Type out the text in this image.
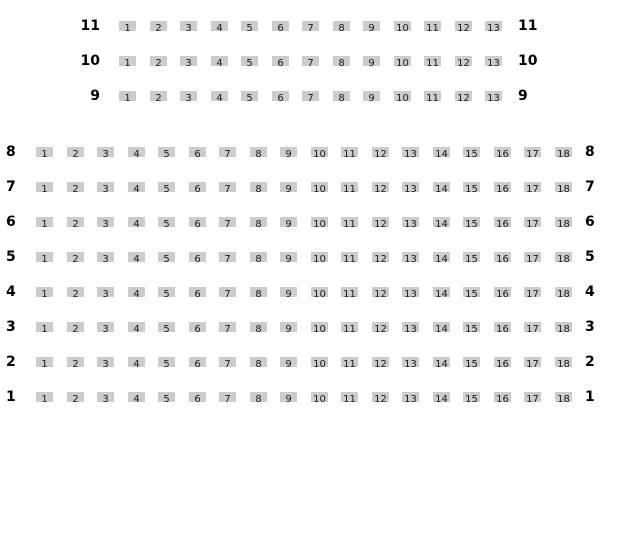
11	11
1 2 3 4 5 6 7 8 9 10 11 12 13
10	10
1 2 3 4 5 6 7 8 9 10 11 12 13
9	9
1 2 3 4 5 6 7 8 9 10 11 12 13
8	8
1 2 3 4 5 6 7 8 9 10 11 12 13 14 15 16 17 18
7	7
1 2 3 4 5 6 7 8 9 10 11 12 13 14 15 16 17 18
6	6
1 2 3 4 5 6 7 8 9 10 11 12 13 14 15 16 17 18
5	5
1 2 3 4 5 6 7 8 9 10 11 12 13 14 15 16 17 18
4	4
1 2 3 4 5 6 7 8 9 10 11 12 13 14 15 16 17 18
3	3
1 2 3 4 5 6 7 8 9 10 11 12 13 14 15 16 17 18
2	2
1 2 3 4 5 6 7 8 9 10 11 12 13 14 15 16 17 18
1	1
1 2 3 4 5 6 7 8 9 10 11 12 13 14 15 16 17 18
